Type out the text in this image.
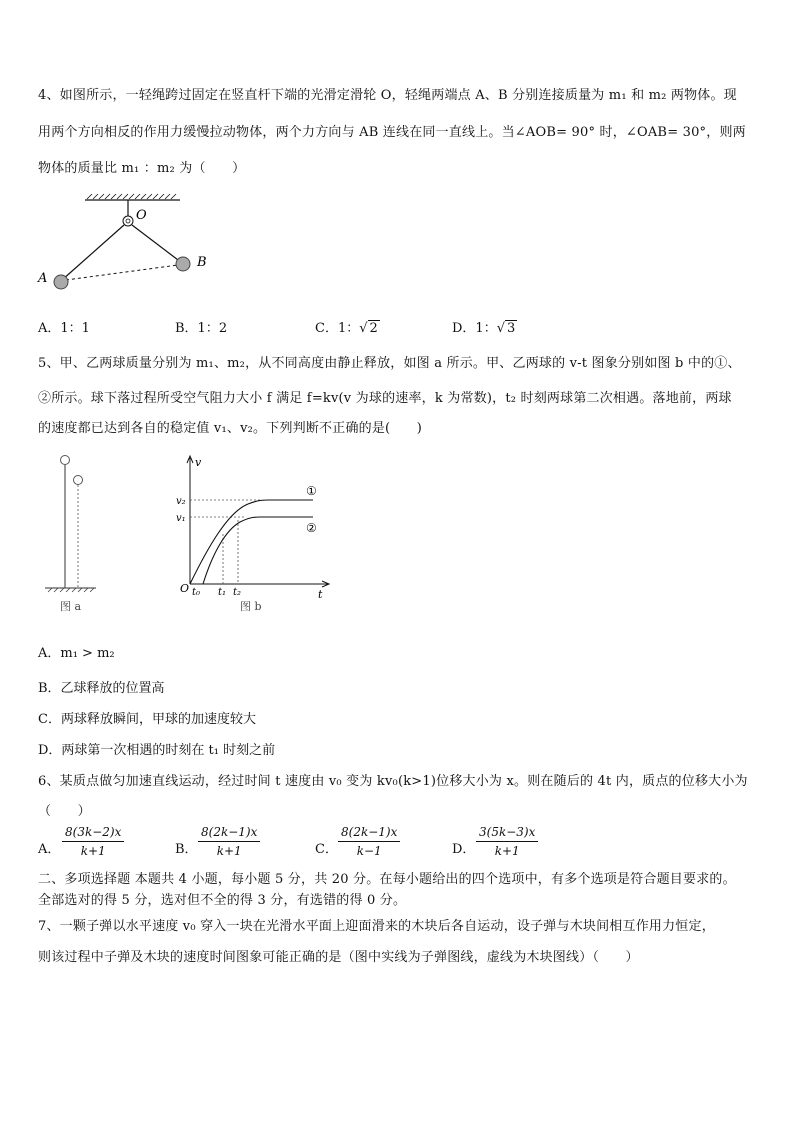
4、如图所示，一轻绳跨过固定在竖直杆下端的光滑定滑轮 O，轻绳两端点 A、B 分别连接质量为 m₁ 和 m₂ 两物体。现
用两个方向相反的作用力缓慢拉动物体，两个力方向与 AB 连线在同一直线上。当∠AOB= 90° 时，∠OAB= 30°，则两
物体的质量比 m₁ ：m₂ 为（　　）
O
A
B
A．1：1	B．1：2	C．1：√ 2	D．1：√ 3
5、甲、乙两球质量分别为 m₁、m₂，从不同高度由静止释放，如图 a 所示。甲、乙两球的 v-t 图象分别如图 b 中的①、
②所示。球下落过程所受空气阻力大小 f 满足 f=kv(v 为球的速率，k 为常数)，t₂ 时刻两球第二次相遇。落地前，两球
的速度都已达到各自的稳定值 v₁、v₂。下列判断不正确的是(　　)
图 a
v
t
O
v₂
v₁
t₀ t₁ t₂
①
②
图 b
A．m₁ > m₂
B．乙球释放的位置高
C．两球释放瞬间，甲球的加速度较大
D．两球第一次相遇的时刻在 t₁ 时刻之前
6、某质点做匀加速直线运动，经过时间 t 速度由 v₀ 变为 kv₀(k>1)位移大小为 x。则在随后的 4t 内，质点的位移大小为
（　　）
A． $\frac{8(3k-2)x}{k+1}$	B． $\frac{8(2k-1)x}{k+1}$	C． $\frac{8(2k-1)x}{k-1}$	D． $\frac{3(5k-3)x}{k+1}$
二、多项选择题 本题共 4 小题，每小题 5 分，共 20 分。在每小题给出的四个选项中，有多个选项是符合题目要求的。
全部选对的得 5 分，选对但不全的得 3 分，有选错的得 0 分。
7、一颗子弹以水平速度 v₀ 穿入一块在光滑水平面上迎面滑来的木块后各自运动，设子弹与木块间相互作用力恒定，
则该过程中子弹及木块的速度时间图象可能正确的是（图中实线为子弹图线，虚线为木块图线）（　　）
